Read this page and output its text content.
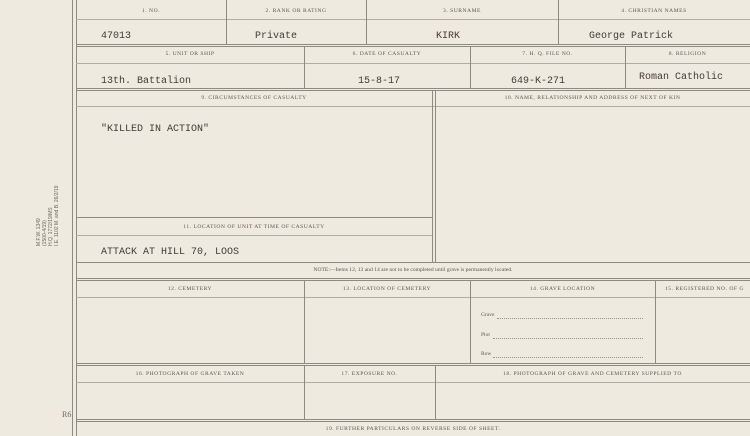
M.F.W. 1349 (1500-4/19) H.Q. 1772/19/MS I.E. 1102 M. and B. 26/2/19
R6
1. NO.	2. RANK OR RATING	3. SURNAME	4. CHRISTIAN NAMES
47013	Private	KIRK	George Patrick
5. UNIT OR SHIP	6. DATE OF CASUALTY	7. H. Q. FILE NO.	8. RELIGION
13th. Battalion	15-8-17	649-K-271	Roman Catholic
9. CIRCUMSTANCES OF CASUALTY	10. NAME, RELATIONSHIP AND ADDRESS OF NEXT OF KIN
"KILLED IN ACTION"
11. LOCATION OF UNIT AT TIME OF CASUALTY
ATTACK AT HILL 70, LOOS
NOTE:—Items 12, 13 and 14 are not to be completed until grave is permanently located.
12. CEMETERY	13. LOCATION OF CEMETERY	14. GRAVE LOCATION	15. REGISTERED NO. OF G
Grave
Plot
Row
16. PHOTOGRAPH OF GRAVE TAKEN	17. EXPOSURE NO.	18. PHOTOGRAPH OF GRAVE AND CEMETERY SUPPLIED TO
19. FURTHER PARTICULARS ON REVERSE SIDE OF SHEET.
